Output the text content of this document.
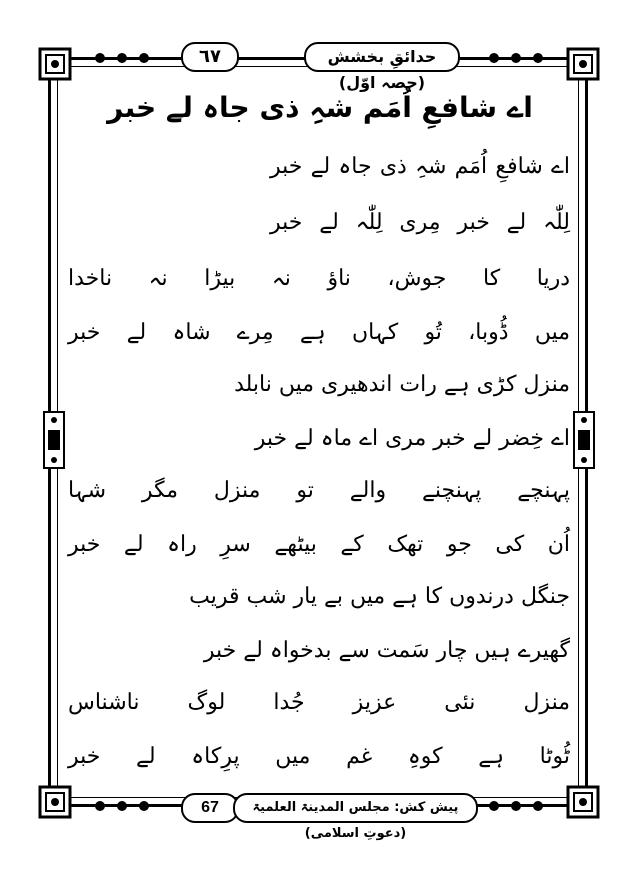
٦٧	حدائقِ بخشش (حصہ اوّل)
اے شافعِ اُمَم شہِ ذی جاہ لے خبر
اے شافعِ اُمَم شہِ ذی جاہ لے خبر
لِلّٰہ لے خبر مِری لِلّٰہ لے خبر
دریا کا جوش، ناؤ نہ بیڑا نہ ناخدا
میں ڈُوبا، تُو کہاں ہے مِرے شاہ لے خبر
منزل کڑی ہے رات اندھیری میں نابلد
اے خِضر لے خبر مری اے ماہ لے خبر
پہنچے پہنچنے والے تو منزل مگر شہا
اُن کی جو تھک کے بیٹھے سرِ راہ لے خبر
جنگل درندوں کا ہے میں بے یار شب قریب
گھیرے ہیں چار سَمت سے بدخواہ لے خبر
منزل نئی عزیز جُدا لوگ ناشناس
ٹُوٹا ہے کوہِ غم میں پرِکاہ لے خبر
67	پیش کش: مجلس المدینۃ العلمیۃ (دعوتِ اسلامی)
